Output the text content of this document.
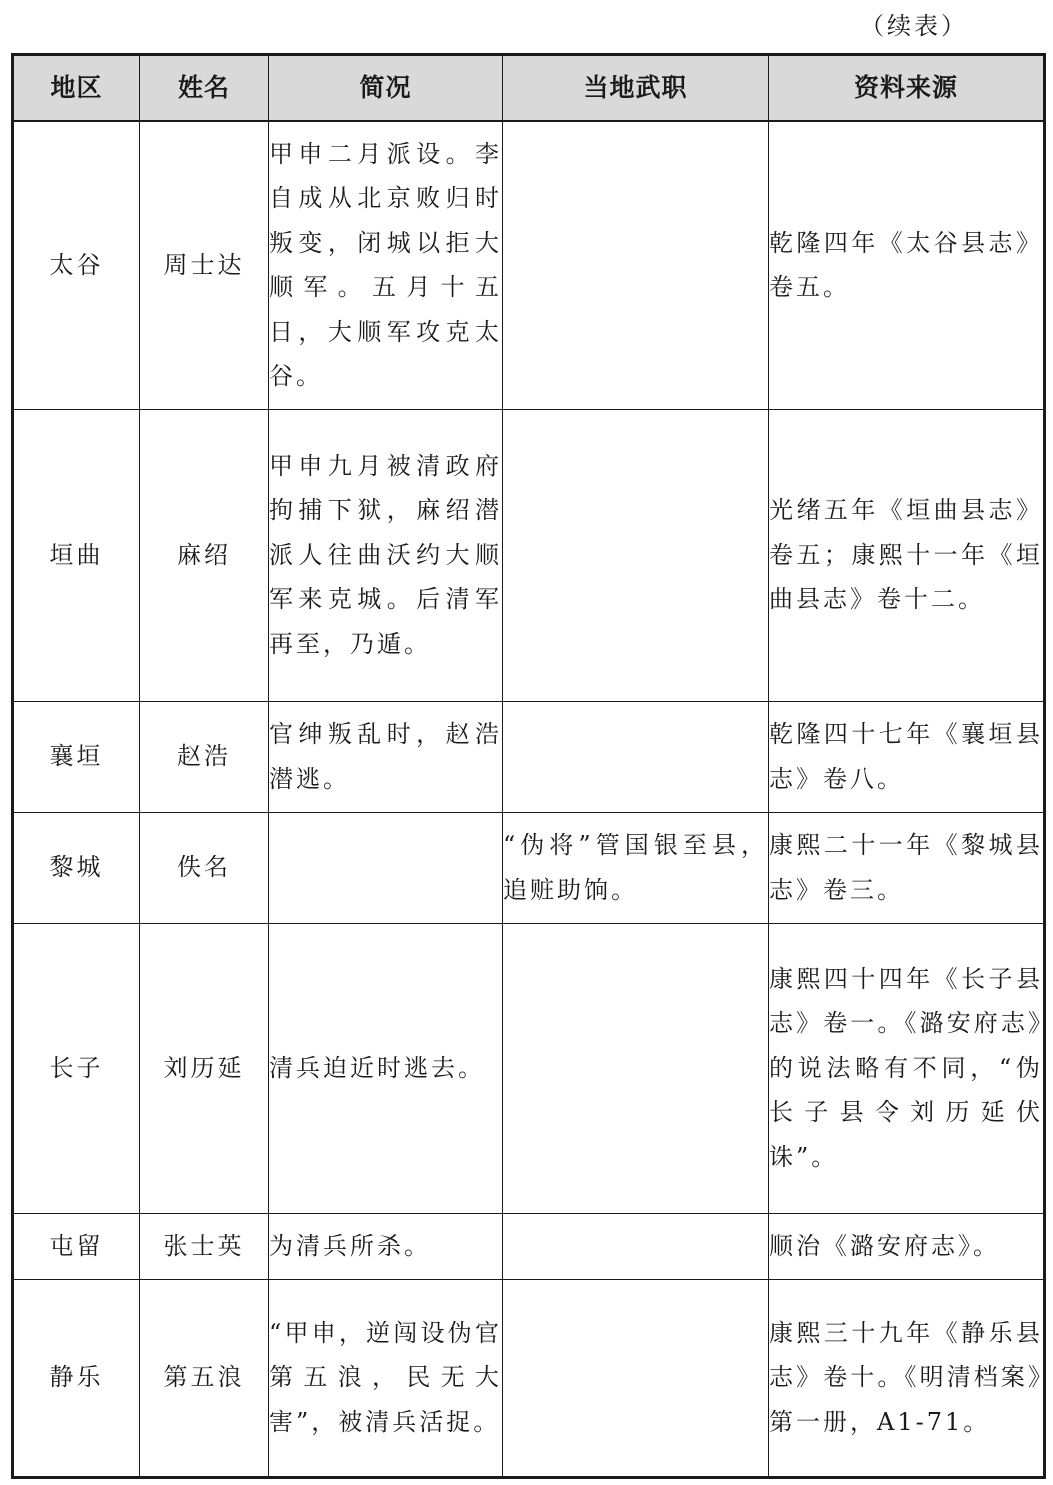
（续表）
地区	姓名	简况	当地武职	资料来源
太谷	周士达	甲申二月派设。李自成从北京败归时叛变，闭城以拒大顺军。五月十五日，大顺军攻克太谷。		乾隆四年《太谷县志》卷五。
垣曲	麻绍	甲申九月被清政府拘捕下狱，麻绍潜派人往曲沃约大顺军来克城。后清军再至，乃遁。		光绪五年《垣曲县志》卷五；康熙十一年《垣曲县志》卷十二。
襄垣	赵浩	官绅叛乱时，赵浩潜逃。		乾隆四十七年《襄垣县志》卷八。
黎城	佚名		“伪将”管国银至县，追赃助饷。	康熙二十一年《黎城县志》卷三。
长子	刘历延	清兵迫近时逃去。		康熙四十四年《长子县志》卷一。《潞安府志》的说法略有不同，“伪长子县令刘历延伏诛”。
屯留	张士英	为清兵所杀。		顺治《潞安府志》。
静乐	第五浪	“甲申，逆闯设伪官第五浪，民无大害”，被清兵活捉。		康熙三十九年《静乐县志》卷十。《明清档案》第一册，A1-71。
